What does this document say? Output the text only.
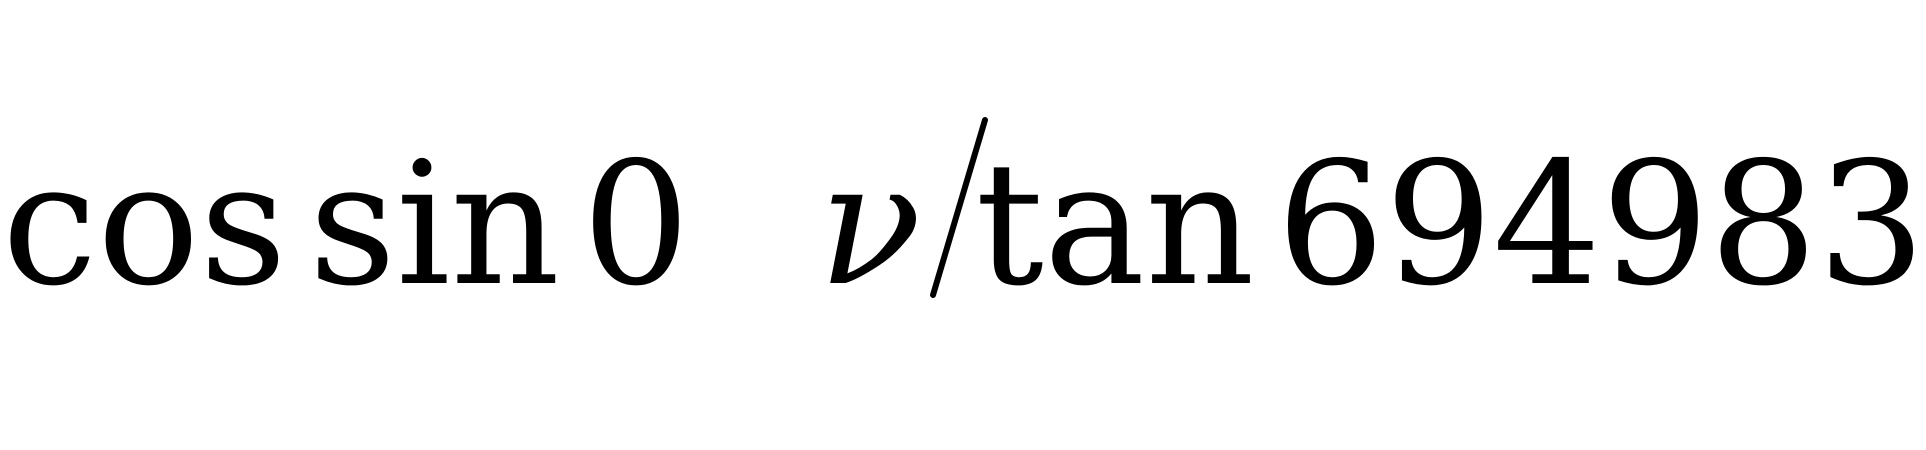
cos sin 0 ν tan 694983
